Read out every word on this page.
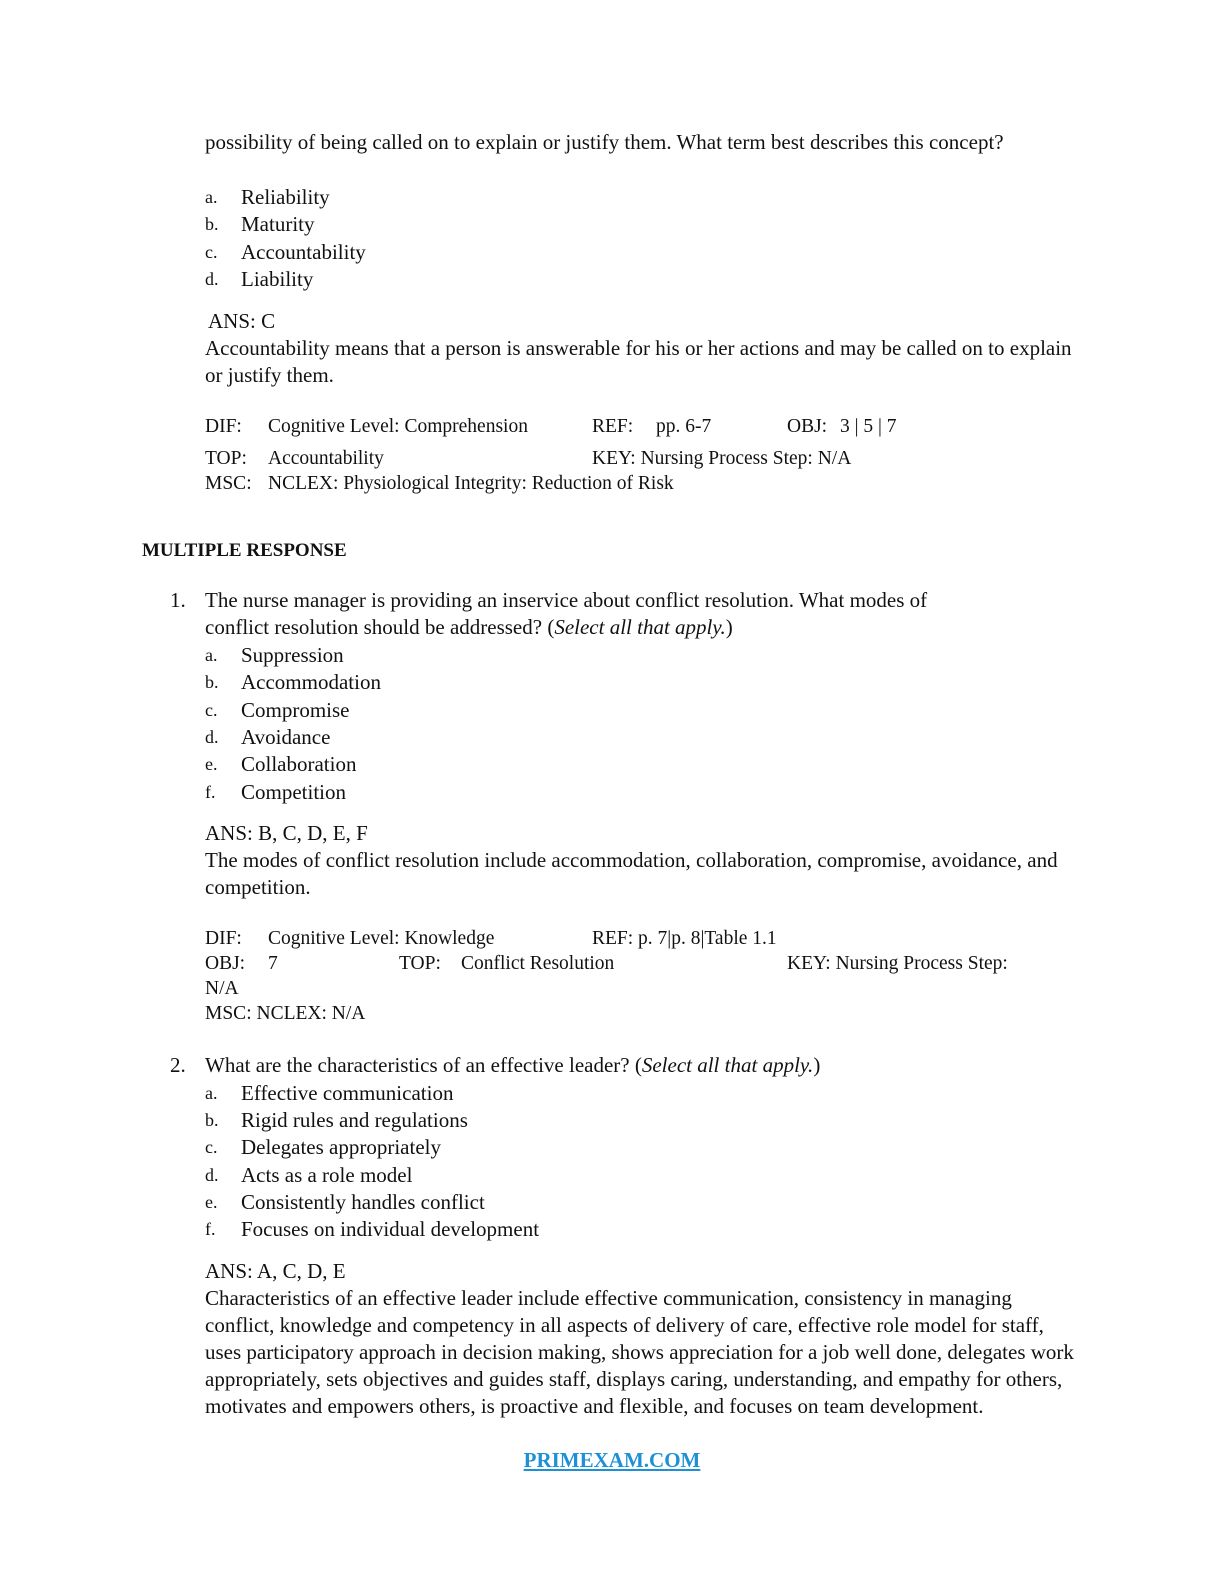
possibility of being called on to explain or justify them. What term best describes this concept?
a. Reliability
b. Maturity
c. Accountability
d. Liability
ANS: C
Accountability means that a person is answerable for his or her actions and may be called on to explain or justify them.
DIF: Cognitive Level: Comprehension	REF: pp. 6-7	OBJ: 3 | 5 | 7
TOP: Accountability	KEY: Nursing Process Step: N/A
MSC: NCLEX: Physiological Integrity: Reduction of Risk
MULTIPLE RESPONSE
1. The nurse manager is providing an inservice about conflict resolution. What modes of
conflict resolution should be addressed? (Select all that apply.)
a. Suppression
b. Accommodation
c. Compromise
d. Avoidance
e. Collaboration
f. Competition
ANS: B, C, D, E, F
The modes of conflict resolution include accommodation, collaboration, compromise, avoidance, and competition.
DIF: Cognitive Level: Knowledge	REF: p. 7|p. 8|Table 1.1
OBJ: 7	TOP: Conflict Resolution	KEY: Nursing Process Step:
N/A
MSC: NCLEX: N/A
2. What are the characteristics of an effective leader? (Select all that apply.)
a. Effective communication
b. Rigid rules and regulations
c. Delegates appropriately
d. Acts as a role model
e. Consistently handles conflict
f. Focuses on individual development
ANS: A, C, D, E
Characteristics of an effective leader include effective communication, consistency in managing conflict, knowledge and competency in all aspects of delivery of care, effective role model for staff, uses participatory approach in decision making, shows appreciation for a job well done, delegates work appropriately, sets objectives and guides staff, displays caring, understanding, and empathy for others, motivates and empowers others, is proactive and flexible, and focuses on team development.
PRIMEXAM.COM
